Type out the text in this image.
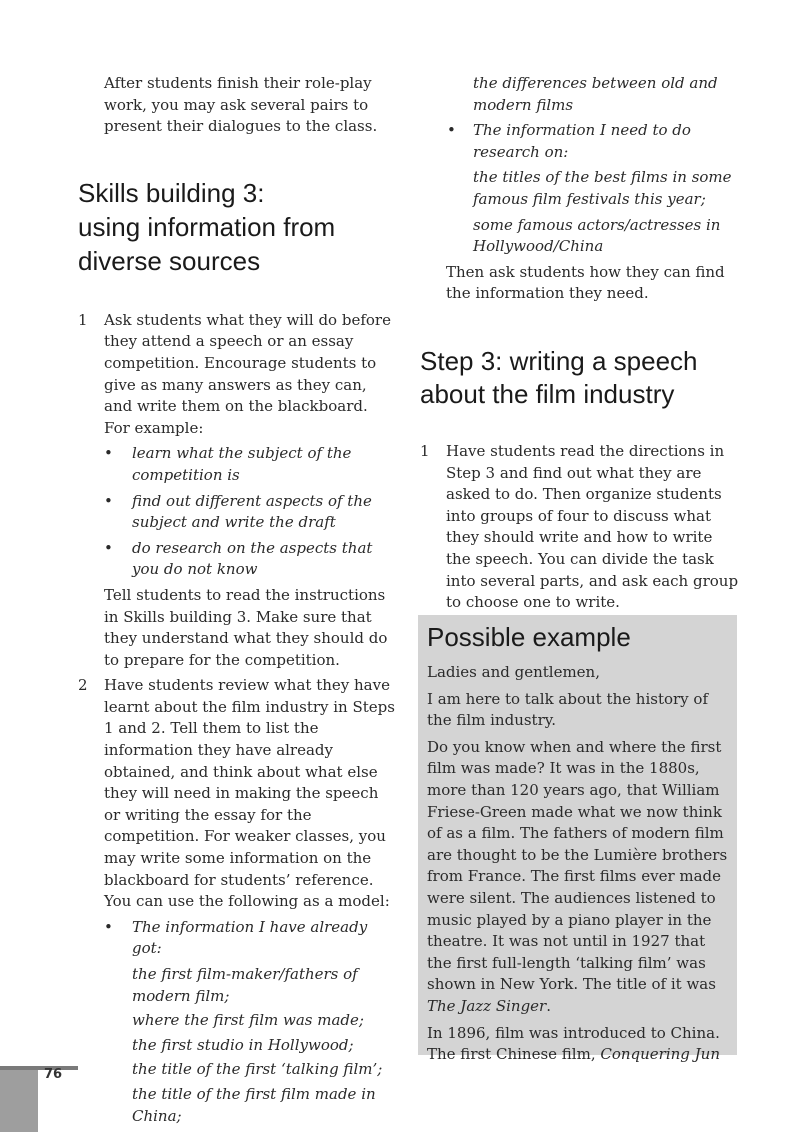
After students finish their role-play work, you may ask several pairs to present their dialogues to the class.

Skills building 3:
using information from
diverse sources
1 Ask students what they will do before they attend a speech or an essay competition. Encourage students to give as many answers as they can, and write them on the blackboard. For example:

• learn what the subject of the competition is
• find out different aspects of the subject and write the draft
• do research on the aspects that you do not know

Tell students to read the instructions in Skills building 3. Make sure that they understand what they should do to prepare for the competition.

2 Have students review what they have learnt about the film industry in Steps 1 and 2. Tell them to list the information they have already obtained, and think about what else they will need in making the speech or writing the essay for the competition. For weaker classes, you may write some information on the blackboard for students’ reference. You can use the following as a model:

• The information I have already got:

the first film-maker/fathers of modern film;

where the first film was made;

the first studio in Hollywood;

the title of the first ‘talking film’;

the title of the first film made in China;

the differences between old and modern films

• The information I need to do research on:

the titles of the best films in some famous film festivals this year;

some famous actors/actresses in Hollywood/China

Then ask students how they can find the information they need.

Step 3: writing a speech
about the film industry
1 Have students read the directions in Step 3 and find out what they are asked to do. Then organize students into groups of four to discuss what they should write and how to write the speech. You can divide the task into several parts, and ask each group to choose one to write.

Possible example

Ladies and gentlemen,

I am here to talk about the history of the film industry.

Do you know when and where the first film was made? It was in the 1880s, more than 120 years ago, that William Friese-Green made what we now think of as a film. The fathers of modern film are thought to be the Lumière brothers from France. The first films ever made were silent. The audiences listened to music played by a piano player in the theatre. It was not until in 1927 that the first full-length ‘talking film’ was shown in New York. The title of it was The Jazz Singer.

In 1896, film was introduced to China. The first Chinese film, Conquering Jun

76
